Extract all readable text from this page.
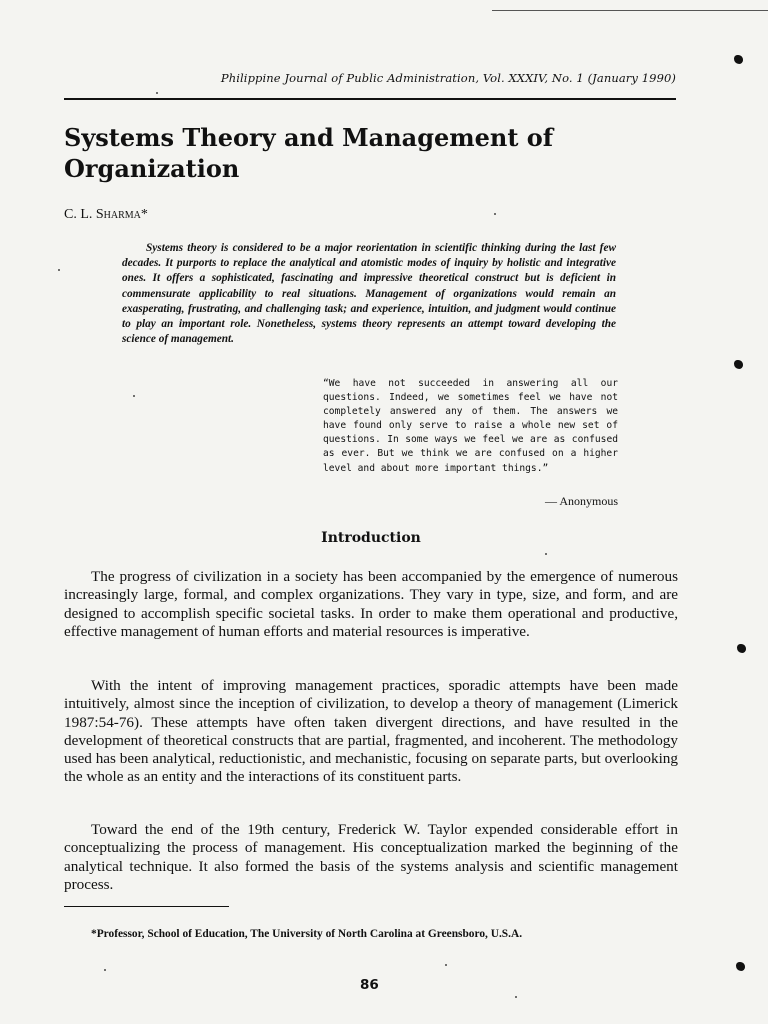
Philippine Journal of Public Administration, Vol. XXXIV, No. 1 (January 1990)
Systems Theory and Management of Organization
C. L. Sharma*

Systems theory is considered to be a major reorientation in scientific thinking during the last few decades. It purports to replace the analytical and atomistic modes of inquiry by holistic and integrative ones. It offers a sophisticated, fascinating and impressive theoretical construct but is deficient in commensurate applicability to real situations. Management of organizations would remain an exasperating, frustrating, and challenging task; and experience, intuition, and judgment would continue to play an important role. Nonetheless, systems theory represents an attempt toward developing the science of management.

“We have not succeeded in answering all our questions. Indeed, we sometimes feel we have not completely answered any of them. The answers we have found only serve to raise a whole new set of questions. In some ways we feel we are as confused as ever. But we think we are confused on a higher level and about more important things.”

— Anonymous
Introduction

The progress of civilization in a society has been accompanied by the emergence of numerous increasingly large, formal, and complex organizations. They vary in type, size, and form, and are designed to accomplish specific societal tasks. In order to make them operational and productive, effective management of human efforts and material resources is imperative.

With the intent of improving management practices, sporadic attempts have been made intuitively, almost since the inception of civilization, to develop a theory of management (Limerick 1987:54-76). These attempts have often taken divergent directions, and have resulted in the development of theoretical constructs that are partial, fragmented, and incoherent. The methodology used has been analytical, reductionistic, and mechanistic, focusing on separate parts, but overlooking the whole as an entity and the interactions of its constituent parts.

Toward the end of the 19th century, Frederick W. Taylor expended considerable effort in conceptualizing the process of management. His conceptualization marked the beginning of the analytical technique. It also formed the basis of the systems analysis and scientific management process.

*Professor, School of Education, The University of North Carolina at Greensboro, U.S.A.
86
